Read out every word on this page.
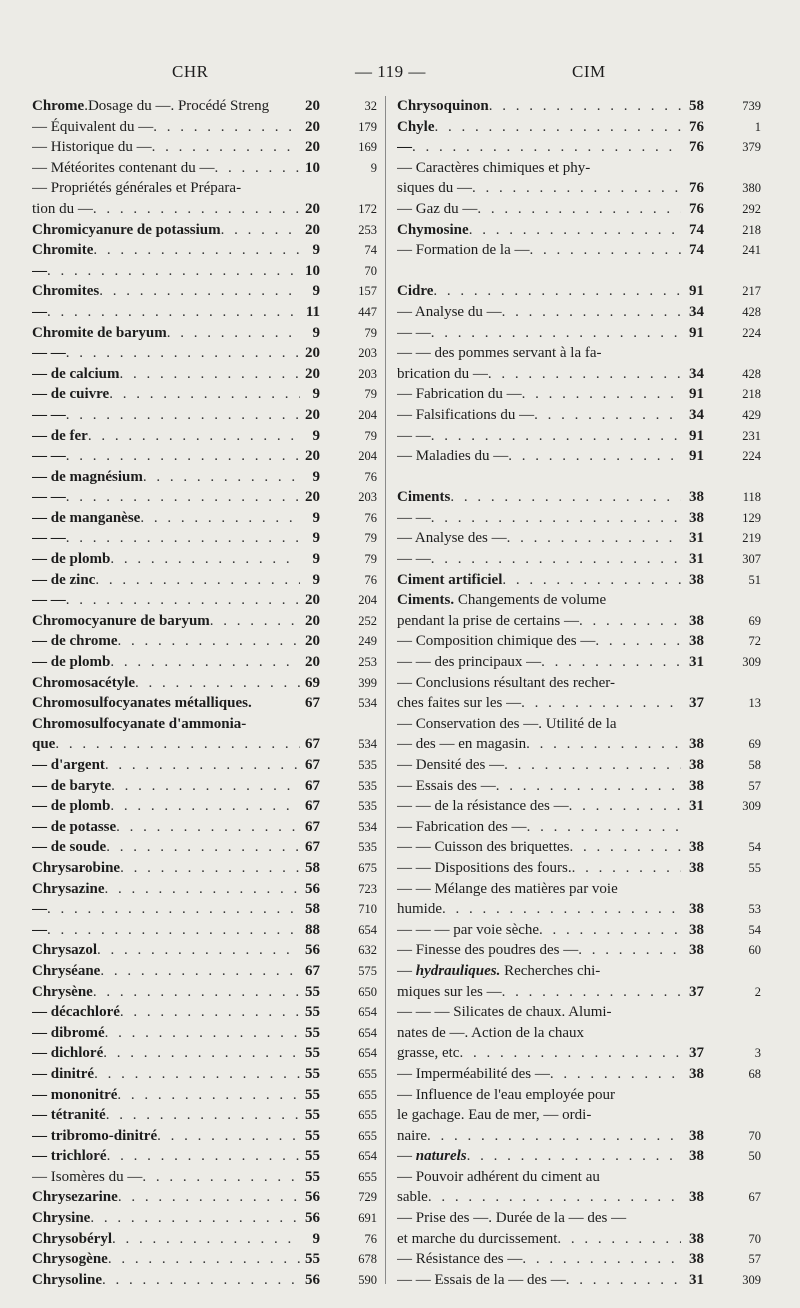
CHR	— 119 —	CIM
Chrome.Dosage du —. Procédé Streng	20	32
— Équivalent du — . . .	20	179
— Historique du — . . .	20	169
— Météorites contenant du — . . .	10	9
— Propriétés générales et Prépara-
tion du — . . .	20	172
Chromicyanure de potassium . . .	20	253
Chromite . . .	9	74
— . . .	10	70
Chromites . . .	9	157
— . . .	11	447
Chromite de baryum . . .	9	79
— — . . .	20	203
— de calcium . . .	20	203
— de cuivre . . .	9	79
— — . . .	20	204
— de fer . . .	9	79
— — . . .	20	204
— de magnésium . . .	9	76
— — . . .	20	203
— de manganèse . . .	9	76
— — . . .	9	79
— de plomb . . .	9	79
— de zinc . . .	9	76
— — . . .	20	204
Chromocyanure de baryum . . .	20	252
— de chrome . . .	20	249
— de plomb . . .	20	253
Chromosacétyle . . .	69	399
Chromosulfocyanates métalliques.	67	534
Chromosulfocyanate d'ammonia-
que . . .	67	534
— d'argent . . .	67	535
— de baryte . . .	67	535
— de plomb . . .	67	535
— de potasse . . .	67	534
— de soude . . .	67	535
Chrysarobine . . .	58	675
Chrysazine . . .	56	723
— . . .	58	710
— . . .	88	654
Chrysazol . . .	56	632
Chryséane . . .	67	575
Chrysène . . .	55	650
— décachloré . . .	55	654
— dibromé . . .	55	654
— dichloré . . .	55	654
— dinitré . . .	55	655
— mononitré . . .	55	655
— tétranité . . .	55	655
— tribromo-dinitré . . .	55	655
— trichloré . . .	55	654
— Isomères du — . . .	55	655
Chrysezarine . . .	56	729
Chrysine . . .	56	691
Chrysobéryl . . .	9	76
Chrysogène . . .	55	678
Chrysoline . . .	56	590
Chrysoquinon . . .	58	739
Chyle . . .	76	1
— . . .	76	379
— Caractères chimiques et phy-
siques du — . . .	76	380
— Gaz du — . . .	76	292
Chymosine . . .	74	218
— Formation de la — . . .	74	241
Cidre . . .	91	217
— Analyse du — . . .	34	428
— — . . .	91	224
— — des pommes servant à la fa-
brication du — . . .	34	428
— Fabrication du — . . .	91	218
— Falsifications du — . . .	34	429
— — . . .	91	231
— Maladies du — . . .	91	224
Ciments . . .	38	118
— — . . .	38	129
— Analyse des — . . .	31	219
— — . . .	31	307
Ciment artificiel . . .	38	51
Ciments. Changements de volume
pendant la prise de certains — . . .	38	69
— Composition chimique des — . . .	38	72
— — des principaux — . . .	31	309
— Conclusions résultant des recher-
ches faites sur les — . . .	37	13
— Conservation des —. Utilité de la
— des — en magasin . . .	38	69
— Densité des — . . .	38	58
— Essais des — . . .	38	57
— — de la résistance des — . . .	31	309
— Fabrication des —
. . .
— — Cuisson des briquettes . . .	38	54
— — Dispositions des fours. . . .	38	55
— — Mélange des matières par voie
humide . . .	38	53
— — — par voie sèche . . .	38	54
— Finesse des poudres des — . . .	38	60
— hydrauliques. Recherches chi-
miques sur les — . . .	37	2
— — — Silicates de chaux. Alumi-
nates de —. Action de la chaux
grasse, etc . . .	37	3
— Imperméabilité des — . . .	38	68
— Influence de l'eau employée pour
le gachage. Eau de mer, — ordi-
naire . . .	38	70
— naturels . . .	38	50
— Pouvoir adhérent du ciment au
sable . . .	38	67
— Prise des —. Durée de la — des —
et marche du durcissement . . .	38	70
— Résistance des — . . .	38	57
— — Essais de la — des — . . .	31	309
